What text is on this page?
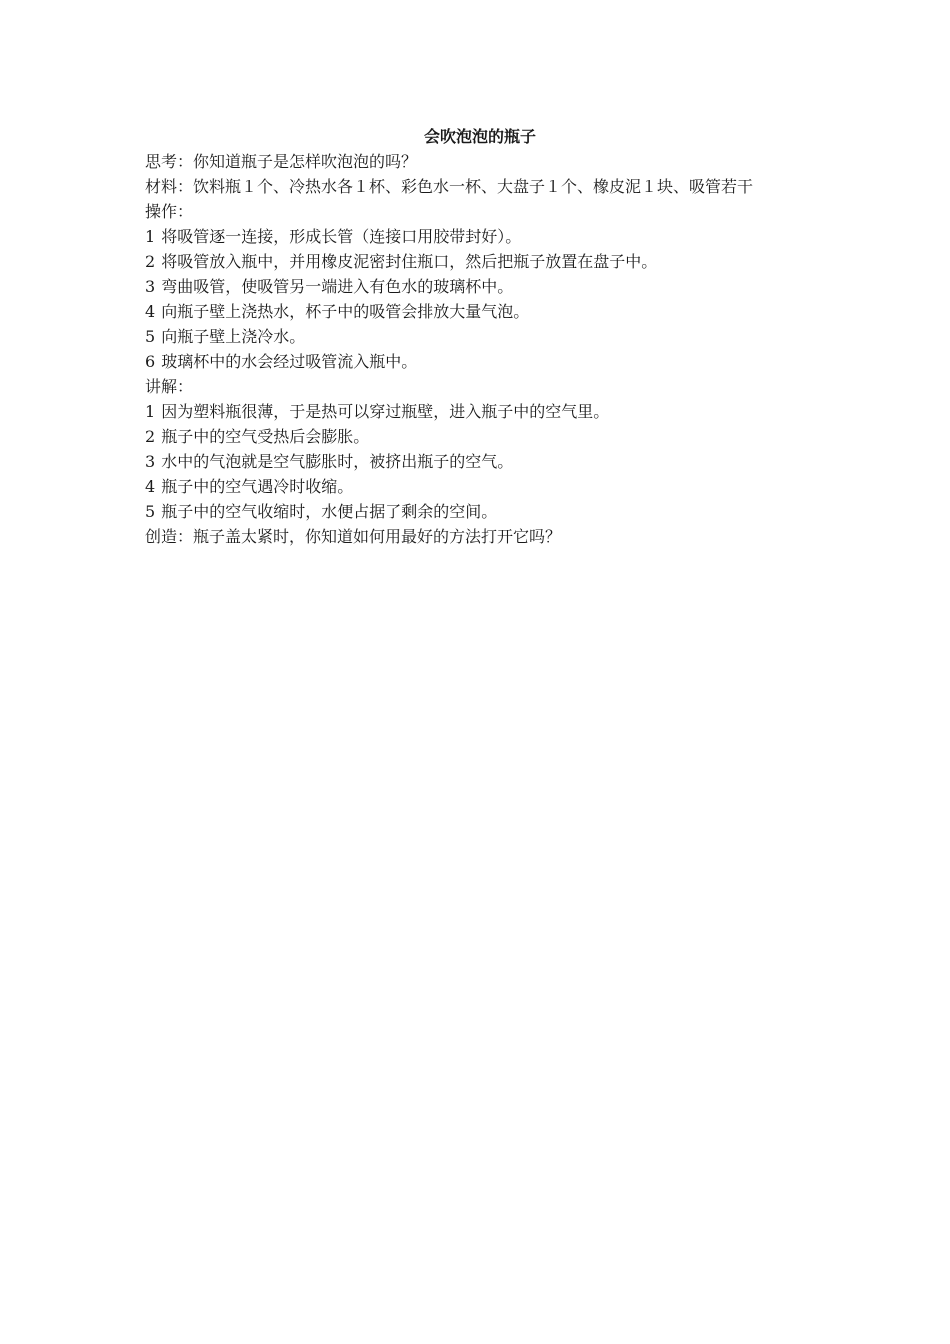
会吹泡泡的瓶子

思考：你知道瓶子是怎样吹泡泡的吗？

材料：饮料瓶１个、冷热水各１杯、彩色水一杯、大盘子１个、橡皮泥１块、吸管若干

操作：

1 将吸管逐一连接，形成长管（连接口用胶带封好）。

2 将吸管放入瓶中，并用橡皮泥密封住瓶口，然后把瓶子放置在盘子中。

3 弯曲吸管，使吸管另一端进入有色水的玻璃杯中。

4 向瓶子壁上浇热水，杯子中的吸管会排放大量气泡。

5 向瓶子壁上浇冷水。

6 玻璃杯中的水会经过吸管流入瓶中。

讲解：

1 因为塑料瓶很薄，于是热可以穿过瓶壁，进入瓶子中的空气里。

2 瓶子中的空气受热后会膨胀。

3 水中的气泡就是空气膨胀时，被挤出瓶子的空气。

4 瓶子中的空气遇冷时收缩。

5 瓶子中的空气收缩时，水便占据了剩余的空间。

创造：瓶子盖太紧时，你知道如何用最好的方法打开它吗？
